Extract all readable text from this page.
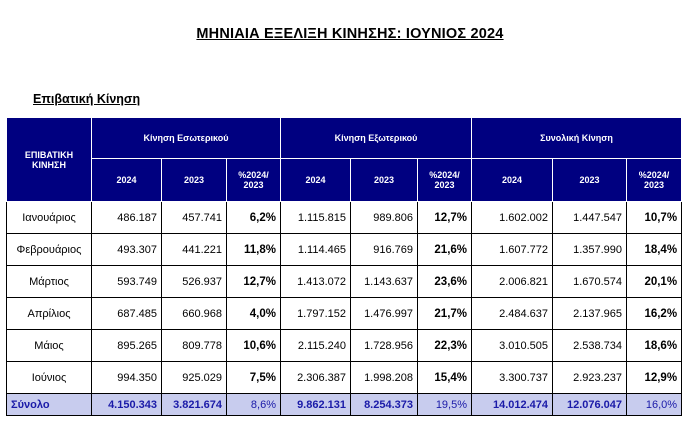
ΜΗΝΙΑΙΑ ΕΞΕΛΙΞΗ ΚΙΝΗΣΗΣ: ΙΟΥΝΙΟΣ 2024
Επιβατική Κίνηση
ΕΠΙΒΑΤΙΚΗ ΚΙΝΗΣΗ	Κίνηση Εσωτερικού			Κίνηση Εξωτερικού			Συνολική Κίνηση		
	2024	2023	%2024/ 2023	2024	2023	%2024/ 2023	2024	2023	%2024/ 2023
Ιανουάριος	486.187	457.741	6,2%	1.115.815	989.806	12,7%	1.602.002	1.447.547	10,7%
Φεβρουάριος	493.307	441.221	11,8%	1.114.465	916.769	21,6%	1.607.772	1.357.990	18,4%
Μάρτιος	593.749	526.937	12,7%	1.413.072	1.143.637	23,6%	2.006.821	1.670.574	20,1%
Απρίλιος	687.485	660.968	4,0%	1.797.152	1.476.997	21,7%	2.484.637	2.137.965	16,2%
Μάιος	895.265	809.778	10,6%	2.115.240	1.728.956	22,3%	3.010.505	2.538.734	18,6%
Ιούνιος	994.350	925.029	7,5%	2.306.387	1.998.208	15,4%	3.300.737	2.923.237	12,9%
Σύνολο	4.150.343	3.821.674	8,6%	9.862.131	8.254.373	19,5%	14.012.474	12.076.047	16,0%
